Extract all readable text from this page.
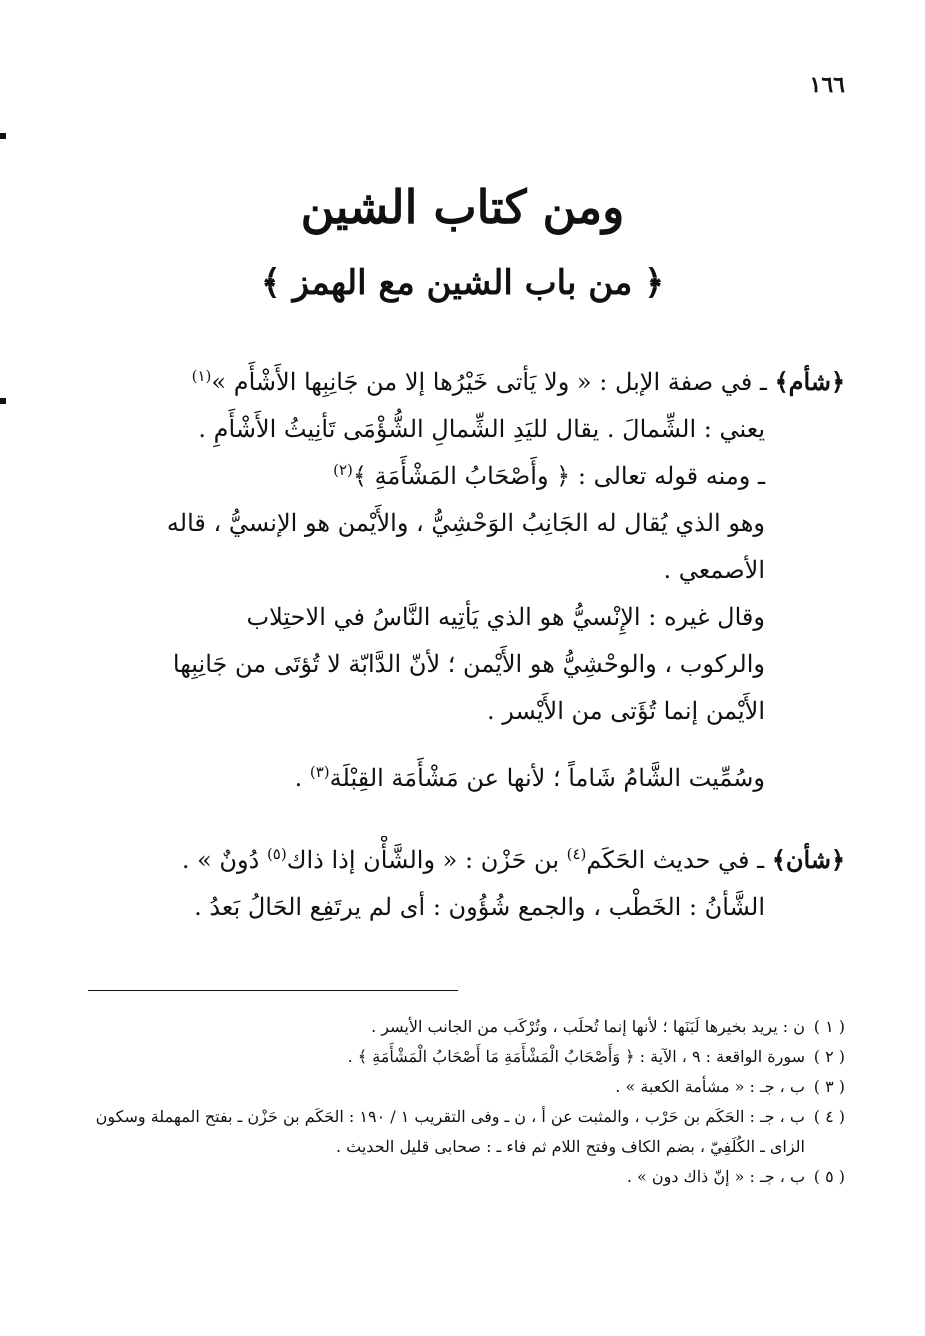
١٦٦
ومن كتاب الشين
﴿ من باب الشين مع الهمز ﴾

﴿شأم﴾ ـ في صفة الإبل : « ولا يَأتى خَيْرُها إلا من جَانِبِها الأَشْأَم »$^{(١)}$

يعني : الشِّمالَ . يقال لليَدِ الشِّمالِ الشُّؤْمَى تَأنِيثُ الأَشْأَمِ .

ـ ومنه قوله تعالى : ﴿ وأَصْحَابُ المَشْأَمَةِ ﴾$^{(٢)}$

وهو الذي يُقال له الجَانِبُ الوَحْشِيُّ ، والأَيْمن هو الإنسيُّ ، قاله

الأصمعي .

وقال غيره : الإِنْسيُّ هو الذي يَأتِيه النَّاسُ في الاحتِلاب

والركوب ، والوحْشِيُّ هو الأَيْمن ؛ لأنّ الدَّابّة لا تُؤتَى من جَانِبِها

الأَيْمن إنما تُؤَتى من الأَيْسر .

وسُمِّيت الشَّامُ شَاماً ؛ لأنها عن مَشْأَمَة القِبْلَة$^{(٣)}$ .

﴿شأن﴾ ـ في حديث الحَكَم$^{(٤)}$ بن حَزْن : « والشَّأْن إذا ذاك$^{(٥)}$ دُونٌ » .

الشَّأنُ : الخَطْب ، والجمع شُؤُون : أى لم يرتَفِع الحَالُ بَعدُ .

( ١ )
ن : يريد بخيرها لَبَنَها ؛ لأنها إنما تُحلَب ، وتُرْكَب من الجانب الأيسر .
( ٢ )
سورة الواقعة : ٩ ، الآية : ﴿ وَأَصْحَابُ الْمَشْأَمَةِ مَا أَصْحَابُ الْمَشْأَمَةِ ﴾ .
( ٣ )
ب ، جـ : « مشأمة الكعبة » .
( ٤ )
ب ، جـ : الحَكَم بن حَرْب ، والمثبت عن أ ، ن ـ وفى التقريب ١ / ١٩٠ : الحَكَم بن حَزْن ـ بفتح المهملة وسكون الزاى ـ الكُلَفِيّ ، بضم الكاف وفتح اللام ثم فاء ـ : صحابى قليل الحديث .
( ٥ )
ب ، جـ : « إنّ ذاك دون » .
